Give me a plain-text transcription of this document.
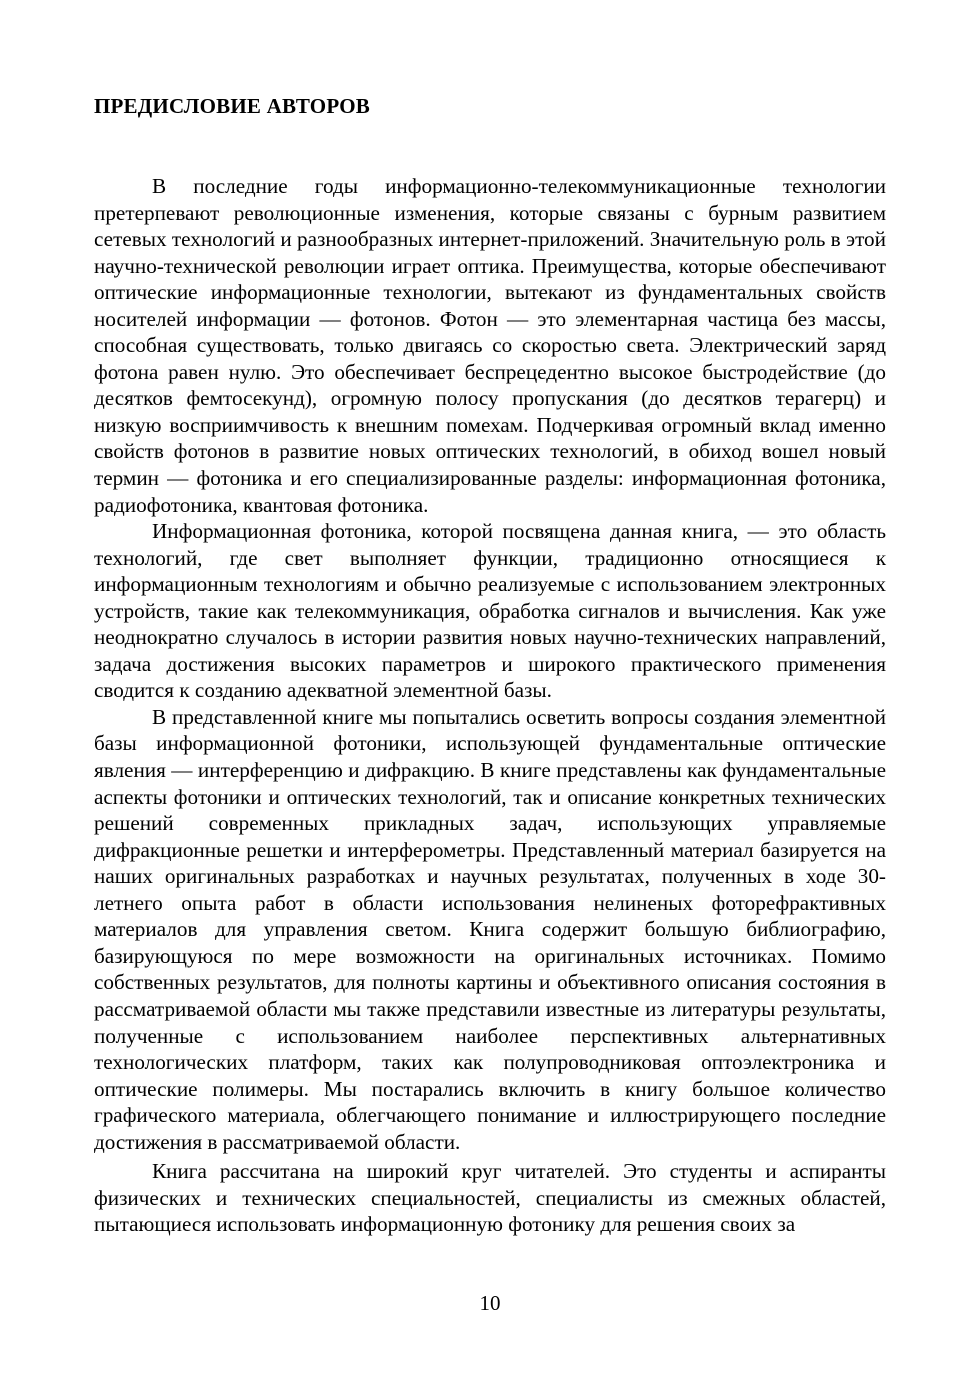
ПРЕДИСЛОВИЕ АВТОРОВ

В последние годы информационно-телекоммуникационные технологии претерпевают революционные изменения, которые связаны с бурным развитием сетевых технологий и разнообразных интернет-приложений. Значительную роль в этой научно-технической революции играет оптика. Преимущества, которые обеспечивают оптические информационные технологии, вытекают из фундаментальных свойств носителей информации — фотонов. Фотон — это элементарная частица без массы, способная существовать, только двигаясь со скоростью света. Электрический заряд фотона равен нулю. Это обеспечивает беспрецедентно высокое быстродействие (до десятков фемтосекунд), огромную полосу пропускания (до десятков терагерц) и низкую восприимчивость к внешним помехам. Подчеркивая огромный вклад именно свойств фотонов в развитие новых оптических технологий, в обиход вошел новый термин — фотоника и его специализированные разделы: информационная фотоника, радиофотоника, квантовая фотоника.

Информационная фотоника, которой посвящена данная книга, — это область технологий, где свет выполняет функции, традиционно относящиеся к информационным технологиям и обычно реализуемые с использованием электронных устройств, такие как телекоммуникация, обработка сигналов и вычисления. Как уже неоднократно случалось в истории развития новых научно-технических направлений, задача достижения высоких параметров и широкого практического применения сводится к созданию адекватной элементной базы.

В представленной книге мы попытались осветить вопросы создания элементной базы информационной фотоники, использующей фундаментальные оптические явления — интерференцию и дифракцию. В книге представлены как фундаментальные аспекты фотоники и оптических технологий, так и описание конкретных технических решений современных прикладных задач, использующих управляемые дифракционные решетки и интерферометры. Представленный материал базируется на наших оригинальных разработках и научных результатах, полученных в ходе 30-летнего опыта работ в области использования нелиненых фоторефрактивных материалов для управления светом. Книга содержит большую библиографию, базирующуюся по мере возможности на оригинальных источниках. Помимо собственных результатов, для полноты картины и объективного описания состояния в рассматриваемой области мы также представили известные из литературы результаты, полученные с использованием наиболее перспективных альтернативных технологических платформ, таких как полупроводниковая оптоэлектроника и оптические полимеры. Мы постарались включить в книгу большое количество графического материала, облегчающего понимание и иллюстрирующего последние достижения в рассматриваемой области.

Книга рассчитана на широкий круг читателей. Это студенты и аспиранты физических и технических специальностей, специалисты из смежных областей, пытающиеся использовать информационную фотонику для решения своих за

10
